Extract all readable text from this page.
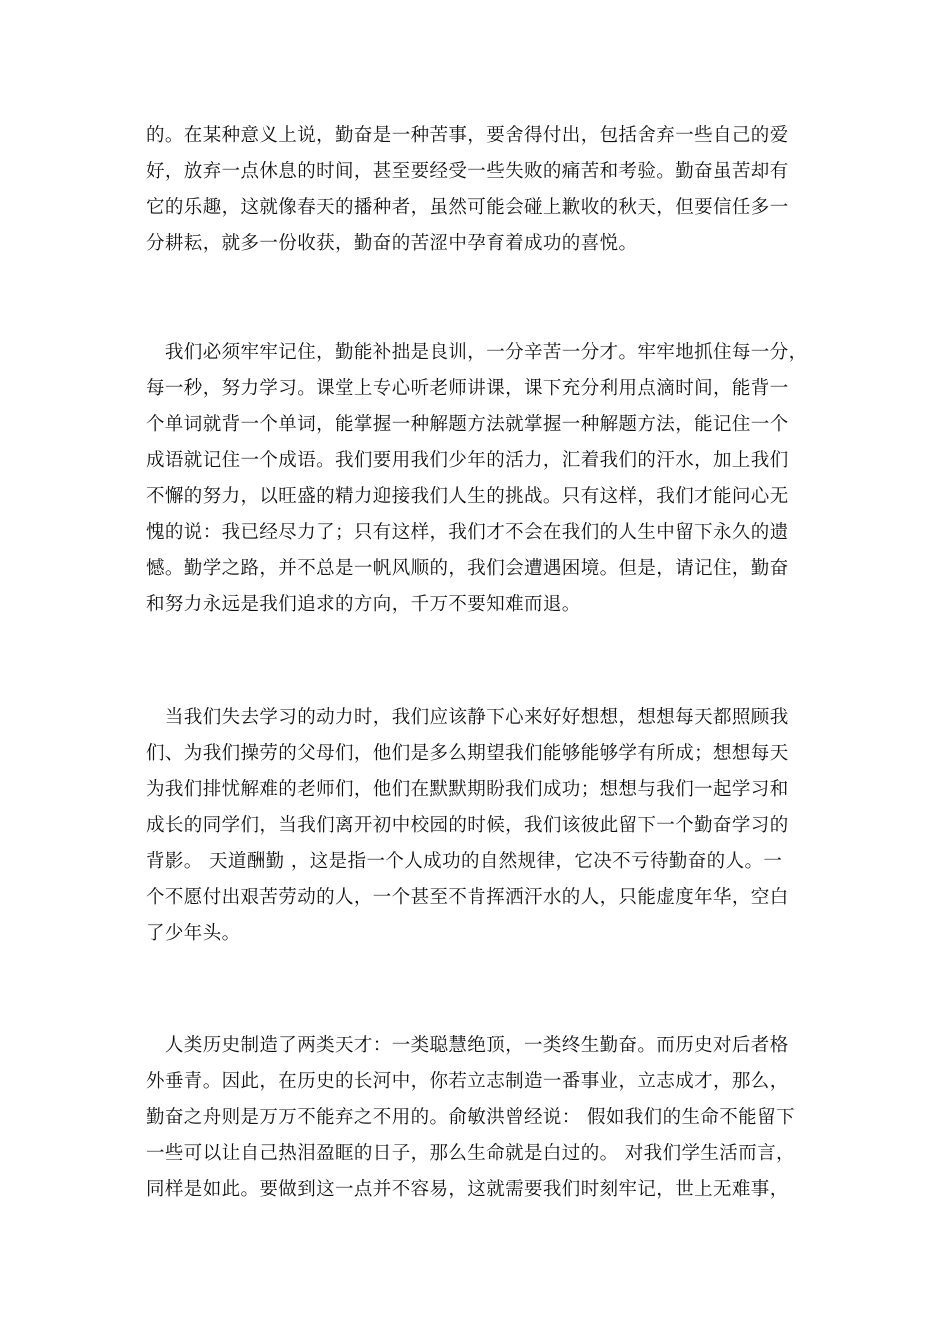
的。在某种意义上说，勤奋是一种苦事，要舍得付出，包括舍弃一些自己的爱
好，放弃一点休息的时间，甚至要经受一些失败的痛苦和考验。勤奋虽苦却有
它的乐趣，这就像春天的播种者，虽然可能会碰上歉收的秋天，但要信任多一
分耕耘，就多一份收获，勤奋的苦涩中孕育着成功的喜悦。
　我们必须牢牢记住，勤能补拙是良训，一分辛苦一分才。牢牢地抓住每一分，
每一秒，努力学习。课堂上专心听老师讲课，课下充分利用点滴时间，能背一
个单词就背一个单词，能掌握一种解题方法就掌握一种解题方法，能记住一个
成语就记住一个成语。我们要用我们少年的活力，汇着我们的汗水，加上我们
不懈的努力，以旺盛的精力迎接我们人生的挑战。只有这样，我们才能问心无
愧的说：我已经尽力了；只有这样，我们才不会在我们的人生中留下永久的遗
憾。勤学之路，并不总是一帆风顺的，我们会遭遇困境。但是，请记住，勤奋
和努力永远是我们追求的方向，千万不要知难而退。
　当我们失去学习的动力时，我们应该静下心来好好想想，想想每天都照顾我
们、为我们操劳的父母们，他们是多么期望我们能够能够学有所成；想想每天
为我们排忧解难的老师们，他们在默默期盼我们成功；想想与我们一起学习和
成长的同学们，当我们离开初中校园的时候，我们该彼此留下一个勤奋学习的
背影。 天道酬勤 ，这是指一个人成功的自然规律，它决不亏待勤奋的人。一
个不愿付出艰苦劳动的人，一个甚至不肯挥洒汗水的人，只能虚度年华，空白
了少年头。
　人类历史制造了两类天才：一类聪慧绝顶，一类终生勤奋。而历史对后者格
外垂青。因此，在历史的长河中，你若立志制造一番事业，立志成才，那么，
勤奋之舟则是万万不能弃之不用的。俞敏洪曾经说： 假如我们的生命不能留下
一些可以让自己热泪盈眶的日子，那么生命就是白过的。 对我们学生活而言，
同样是如此。要做到这一点并不容易，这就需要我们时刻牢记，世上无难事，
